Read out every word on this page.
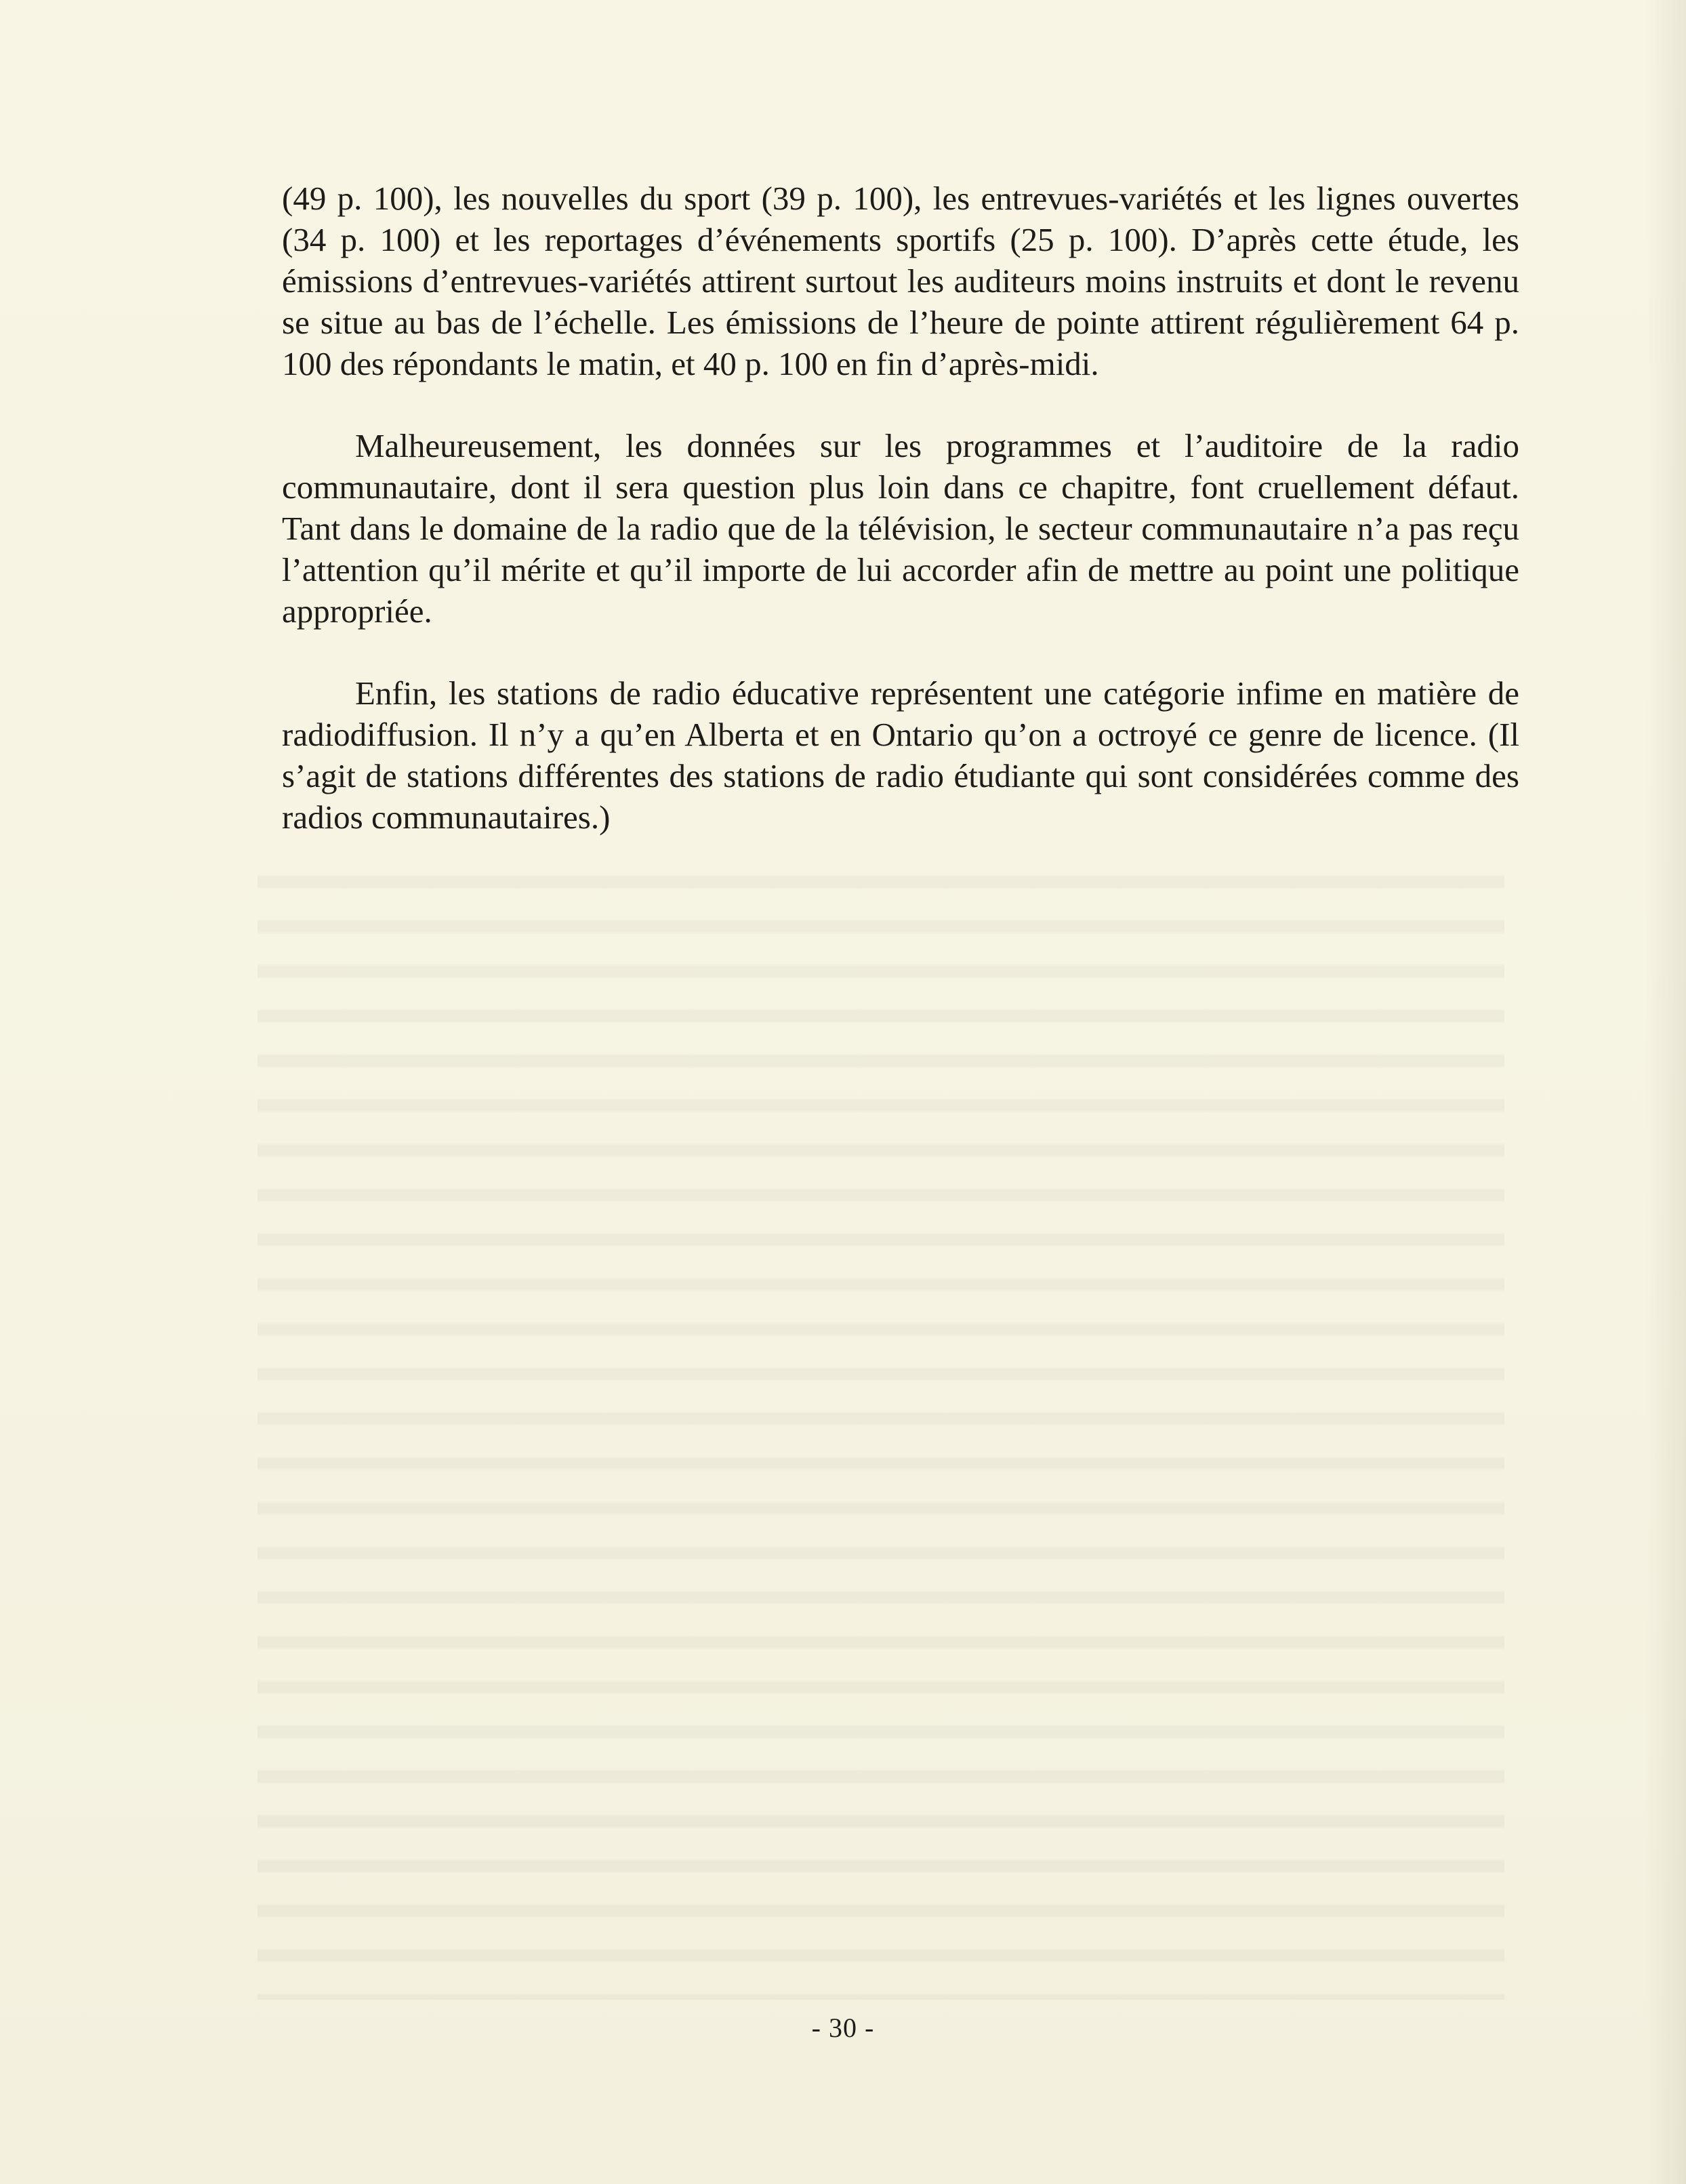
(49 p. 100), les nouvelles du sport (39 p. 100), les entrevues-variétés et les lignes ouvertes (34 p. 100) et les reportages d’événements sportifs (25 p. 100). D’après cette étude, les émissions d’entrevues-variétés attirent surtout les auditeurs moins instruits et dont le revenu se situe au bas de l’échelle. Les émissions de l’heure de pointe attirent régulièrement 64 p. 100 des répondants le matin, et 40 p. 100 en fin d’après-midi.

Malheureusement, les données sur les programmes et l’auditoire de la radio communautaire, dont il sera question plus loin dans ce chapitre, font cruellement défaut. Tant dans le domaine de la radio que de la télévision, le secteur communautaire n’a pas reçu l’attention qu’il mérite et qu’il importe de lui accorder afin de mettre au point une politique appropriée.

Enfin, les stations de radio éducative représentent une catégorie infime en matière de radiodiffusion. Il n’y a qu’en Alberta et en Ontario qu’on a octroyé ce genre de licence. (Il s’agit de stations différentes des stations de radio étudiante qui sont considérées comme des radios communautaires.)

- 30 -
